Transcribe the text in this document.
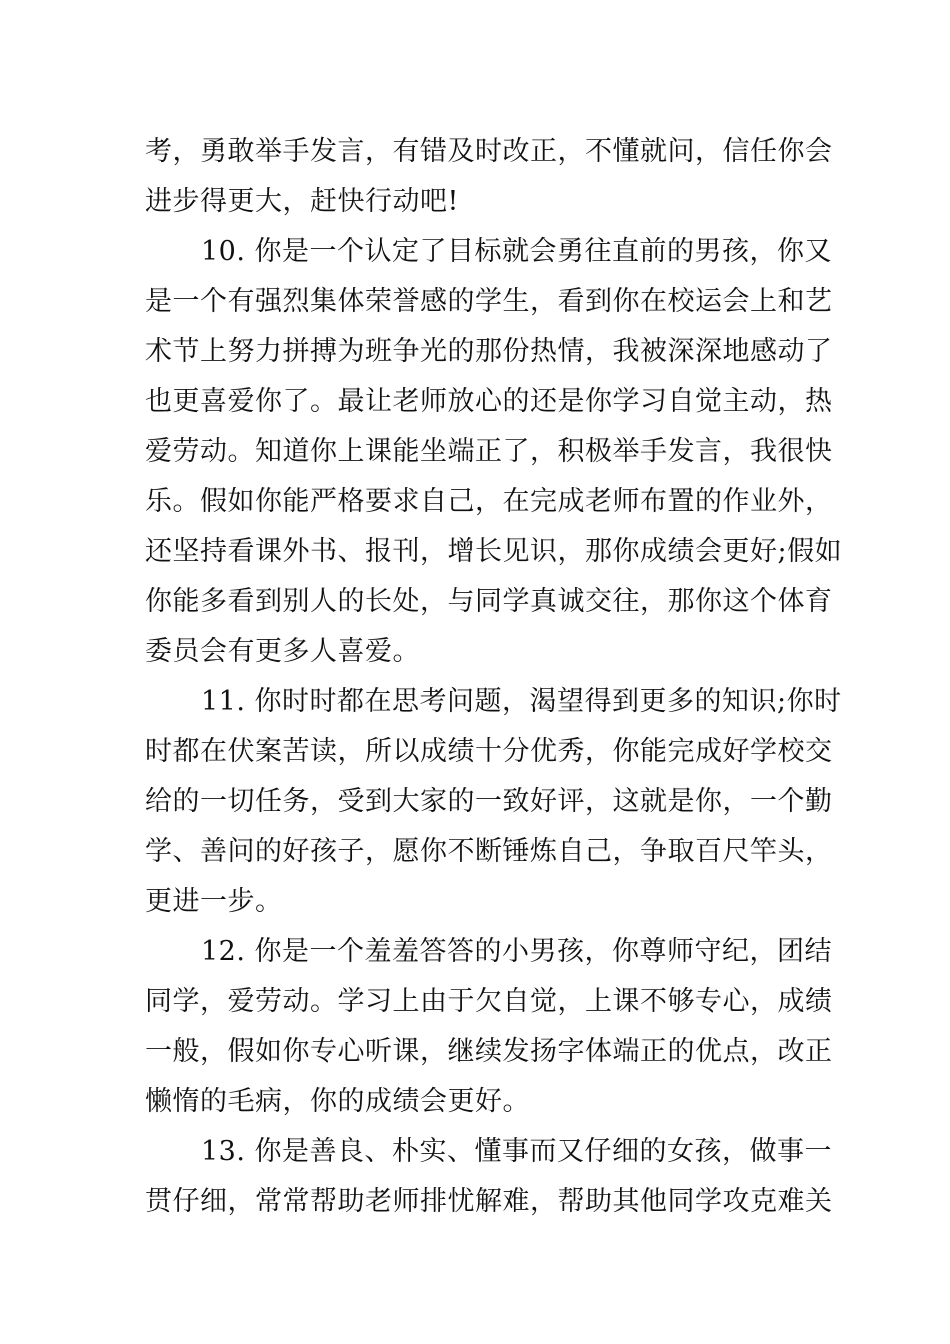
考，勇敢举手发言，有错及时改正，不懂就问，信任你会
进步得更大，赶快行动吧!
10. 你是一个认定了目标就会勇往直前的男孩，你又
是一个有强烈集体荣誉感的学生，看到你在校运会上和艺
术节上努力拼搏为班争光的那份热情，我被深深地感动了
也更喜爱你了。最让老师放心的还是你学习自觉主动，热
爱劳动。知道你上课能坐端正了，积极举手发言，我很快
乐。假如你能严格要求自己，在完成老师布置的作业外，
还坚持看课外书、报刊，增长见识，那你成绩会更好;假如
你能多看到别人的长处，与同学真诚交往，那你这个体育
委员会有更多人喜爱。
11. 你时时都在思考问题，渴望得到更多的知识;你时
时都在伏案苦读，所以成绩十分优秀，你能完成好学校交
给的一切任务，受到大家的一致好评，这就是你，一个勤
学、善问的好孩子，愿你不断锤炼自己，争取百尺竿头，
更进一步。
12. 你是一个羞羞答答的小男孩，你尊师守纪，团结
同学，爱劳动。学习上由于欠自觉，上课不够专心，成绩
一般，假如你专心听课，继续发扬字体端正的优点，改正
懒惰的毛病，你的成绩会更好。
13. 你是善良、朴实、懂事而又仔细的女孩，做事一
贯仔细，常常帮助老师排忧解难，帮助其他同学攻克难关
